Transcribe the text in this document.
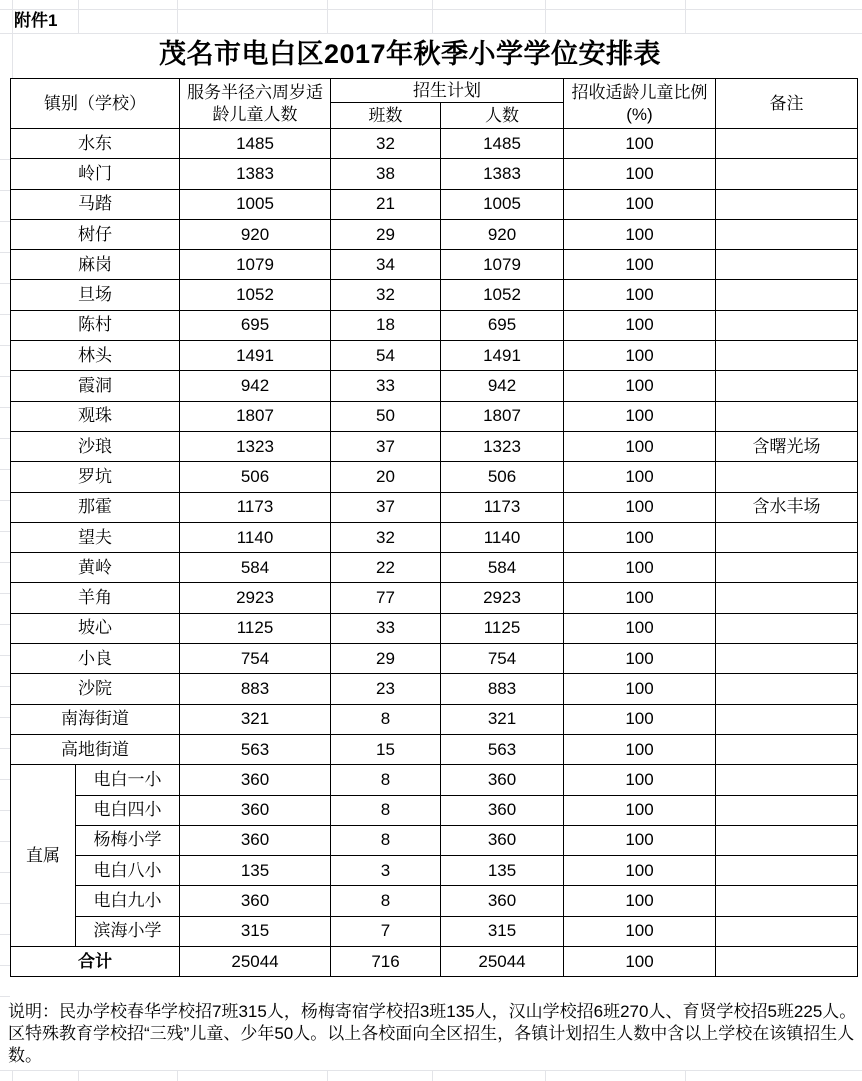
附件1
茂名市电白区2017年秋季小学学位安排表
镇别（学校）		服务半径六周岁适龄儿童人数	招生计划		招收适龄儿童比例(%)	备注
			班数	人数		
水东		1485	32	1485	100	
岭门		1383	38	1383	100	
马踏		1005	21	1005	100	
树仔		920	29	920	100	
麻岗		1079	34	1079	100	
旦场		1052	32	1052	100	
陈村		695	18	695	100	
林头		1491	54	1491	100	
霞洞		942	33	942	100	
观珠		1807	50	1807	100	
沙琅		1323	37	1323	100	含曙光场
罗坑		506	20	506	100	
那霍		1173	37	1173	100	含水丰场
望夫		1140	32	1140	100	
黄岭		584	22	584	100	
羊角		2923	77	2923	100	
坡心		1125	33	1125	100	
小良		754	29	754	100	
沙院		883	23	883	100	
南海街道		321	8	321	100	
高地街道		563	15	563	100	
直属	电白一小	360	8	360	100	
	电白四小	360	8	360	100	
	杨梅小学	360	8	360	100	
	电白八小	135	3	135	100	
	电白九小	360	8	360	100	
	滨海小学	315	7	315	100	
合计		25044	716	25044	100	
说明：民办学校春华学校招7班315人，杨梅寄宿学校招3班135人，汉山学校招6班270人、育贤学校招5班225人。区特殊教育学校招“三残”儿童、少年50人。以上各校面向全区招生，各镇计划招生人数中含以上学校在该镇招生人数。
